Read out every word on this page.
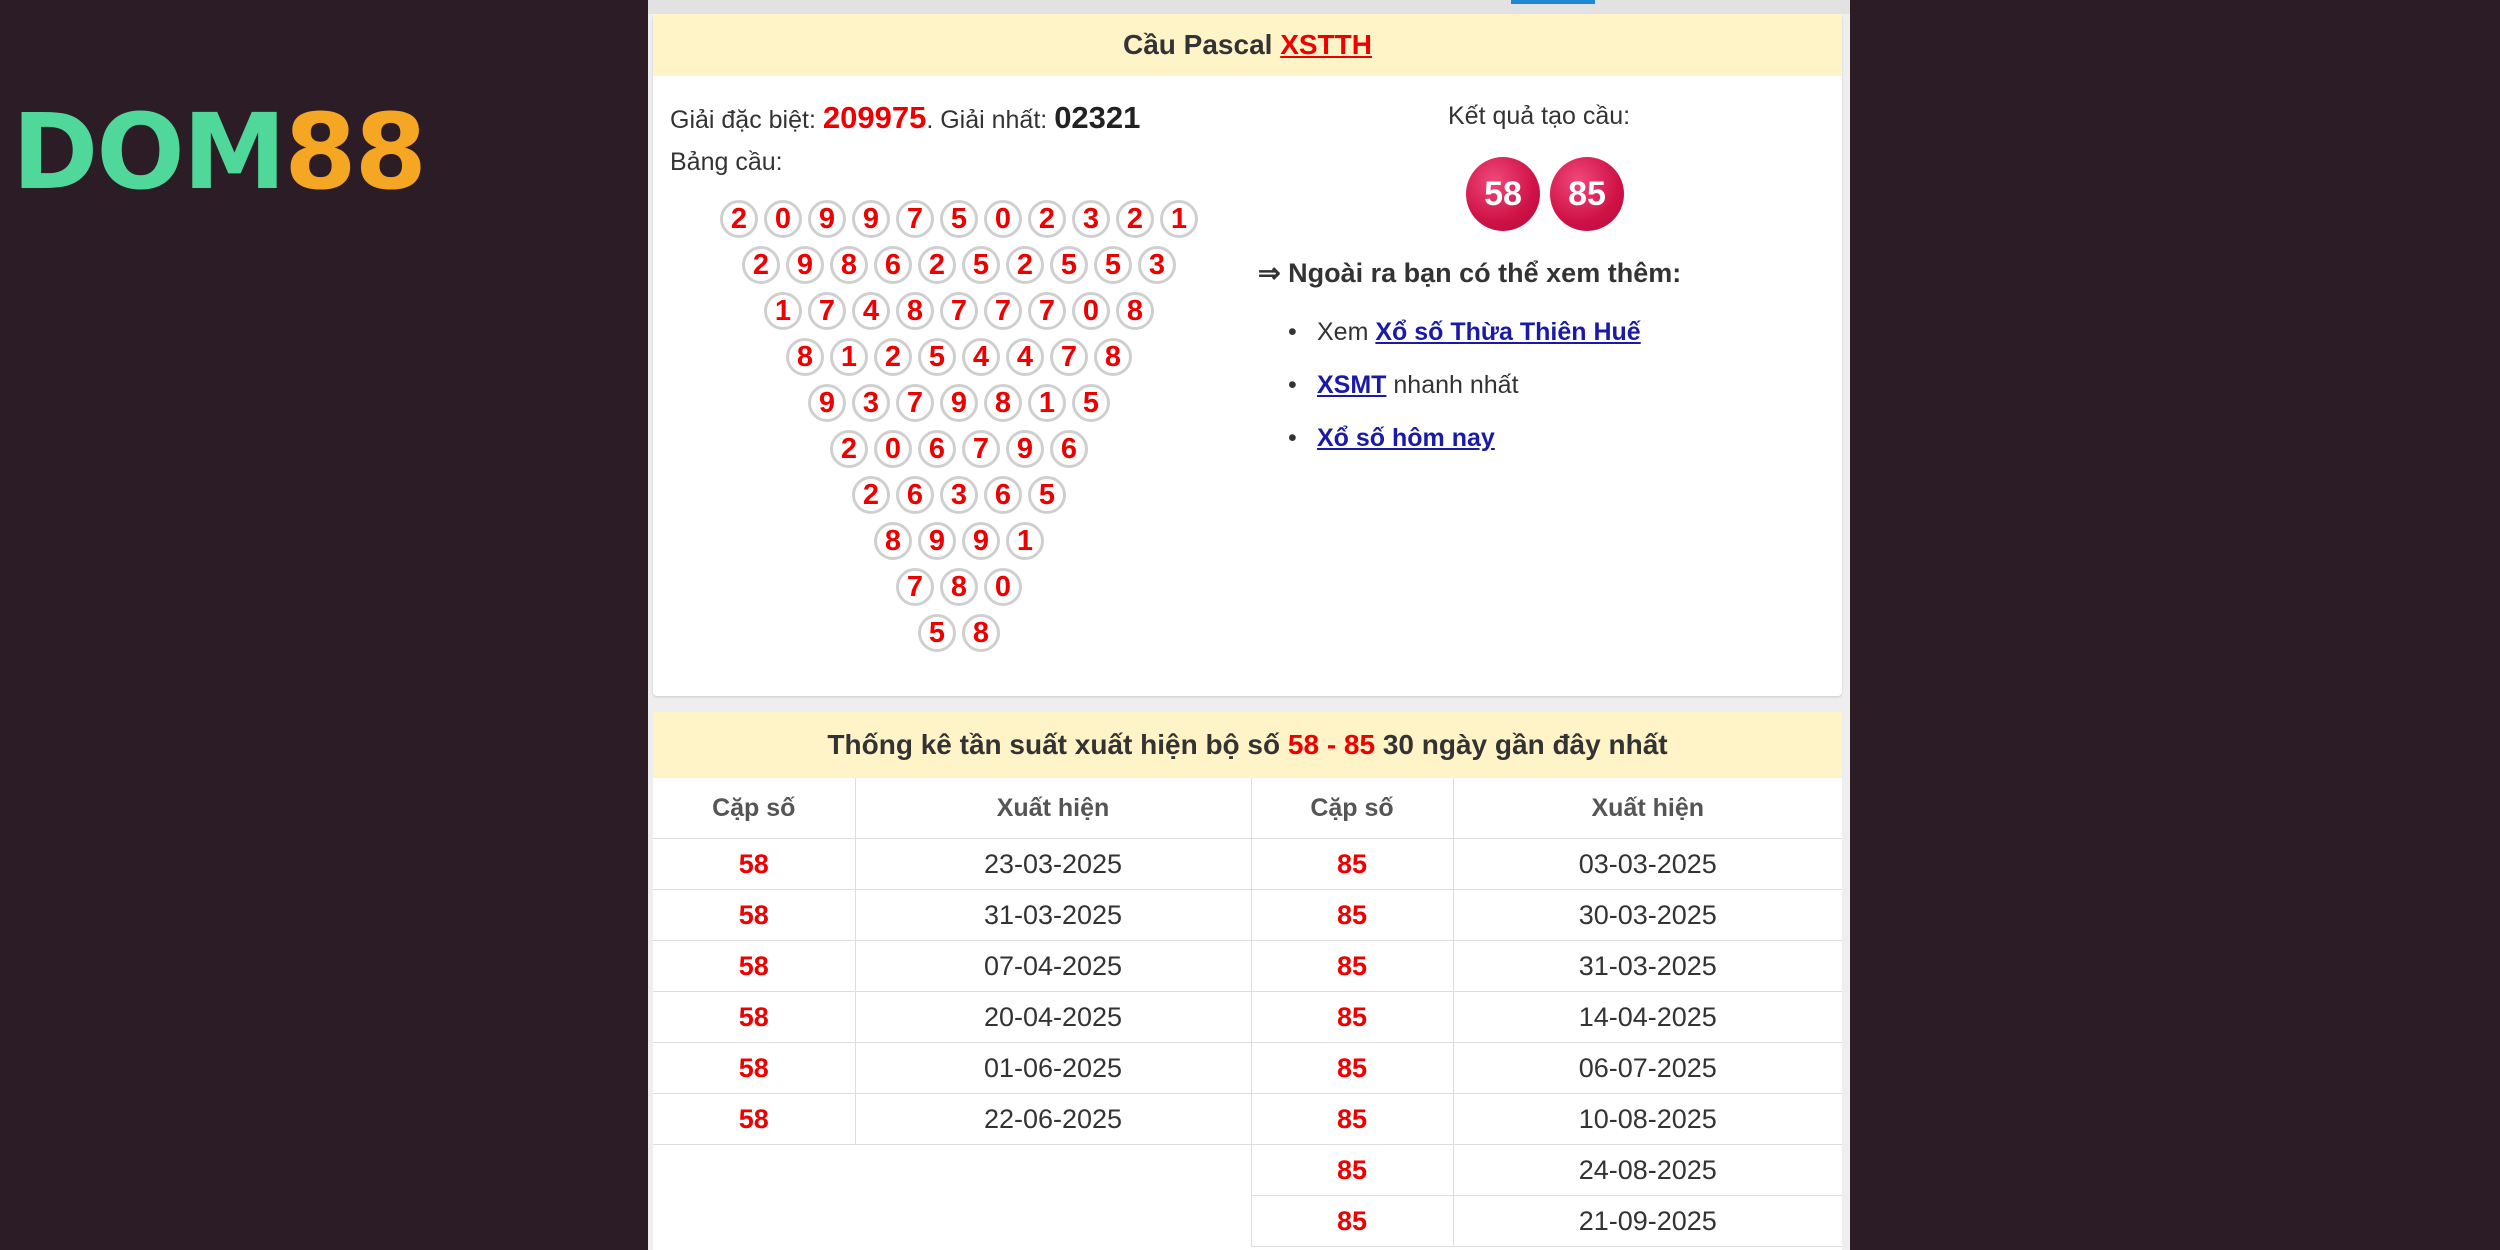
DOM88
Cầu Pascal XSTTH
Giải đặc biệt: 209975. Giải nhất: 02321
Bảng cầu:
2 0 9 9 7 5 0 2 3 2 1
2 9 8 6 2 5 2 5 5 3
1 7 4 8 7 7 7 0 8
8 1 2 5 4 4 7 8
9 3 7 9 8 1 5
2 0 6 7 9 6
2 6 3 6 5
8 9 9 1
7 8 0
5 8
Kết quả tạo cầu:
58	85
⇒ Ngoài ra bạn có thể xem thêm:
• Xem Xổ số Thừa Thiên Huế
• XSMT nhanh nhất
• Xổ số hôm nay
Thống kê tần suất xuất hiện bộ số 58 - 85 30 ngày gần đây nhất
Cặp số	Xuất hiện	Cặp số	Xuất hiện
58	23-03-2025	85	03-03-2025
58	31-03-2025	85	30-03-2025
58	07-04-2025	85	31-03-2025
58	20-04-2025	85	14-04-2025
58	01-06-2025	85	06-07-2025
58	22-06-2025	85	10-08-2025
		85	24-08-2025
		85	21-09-2025
